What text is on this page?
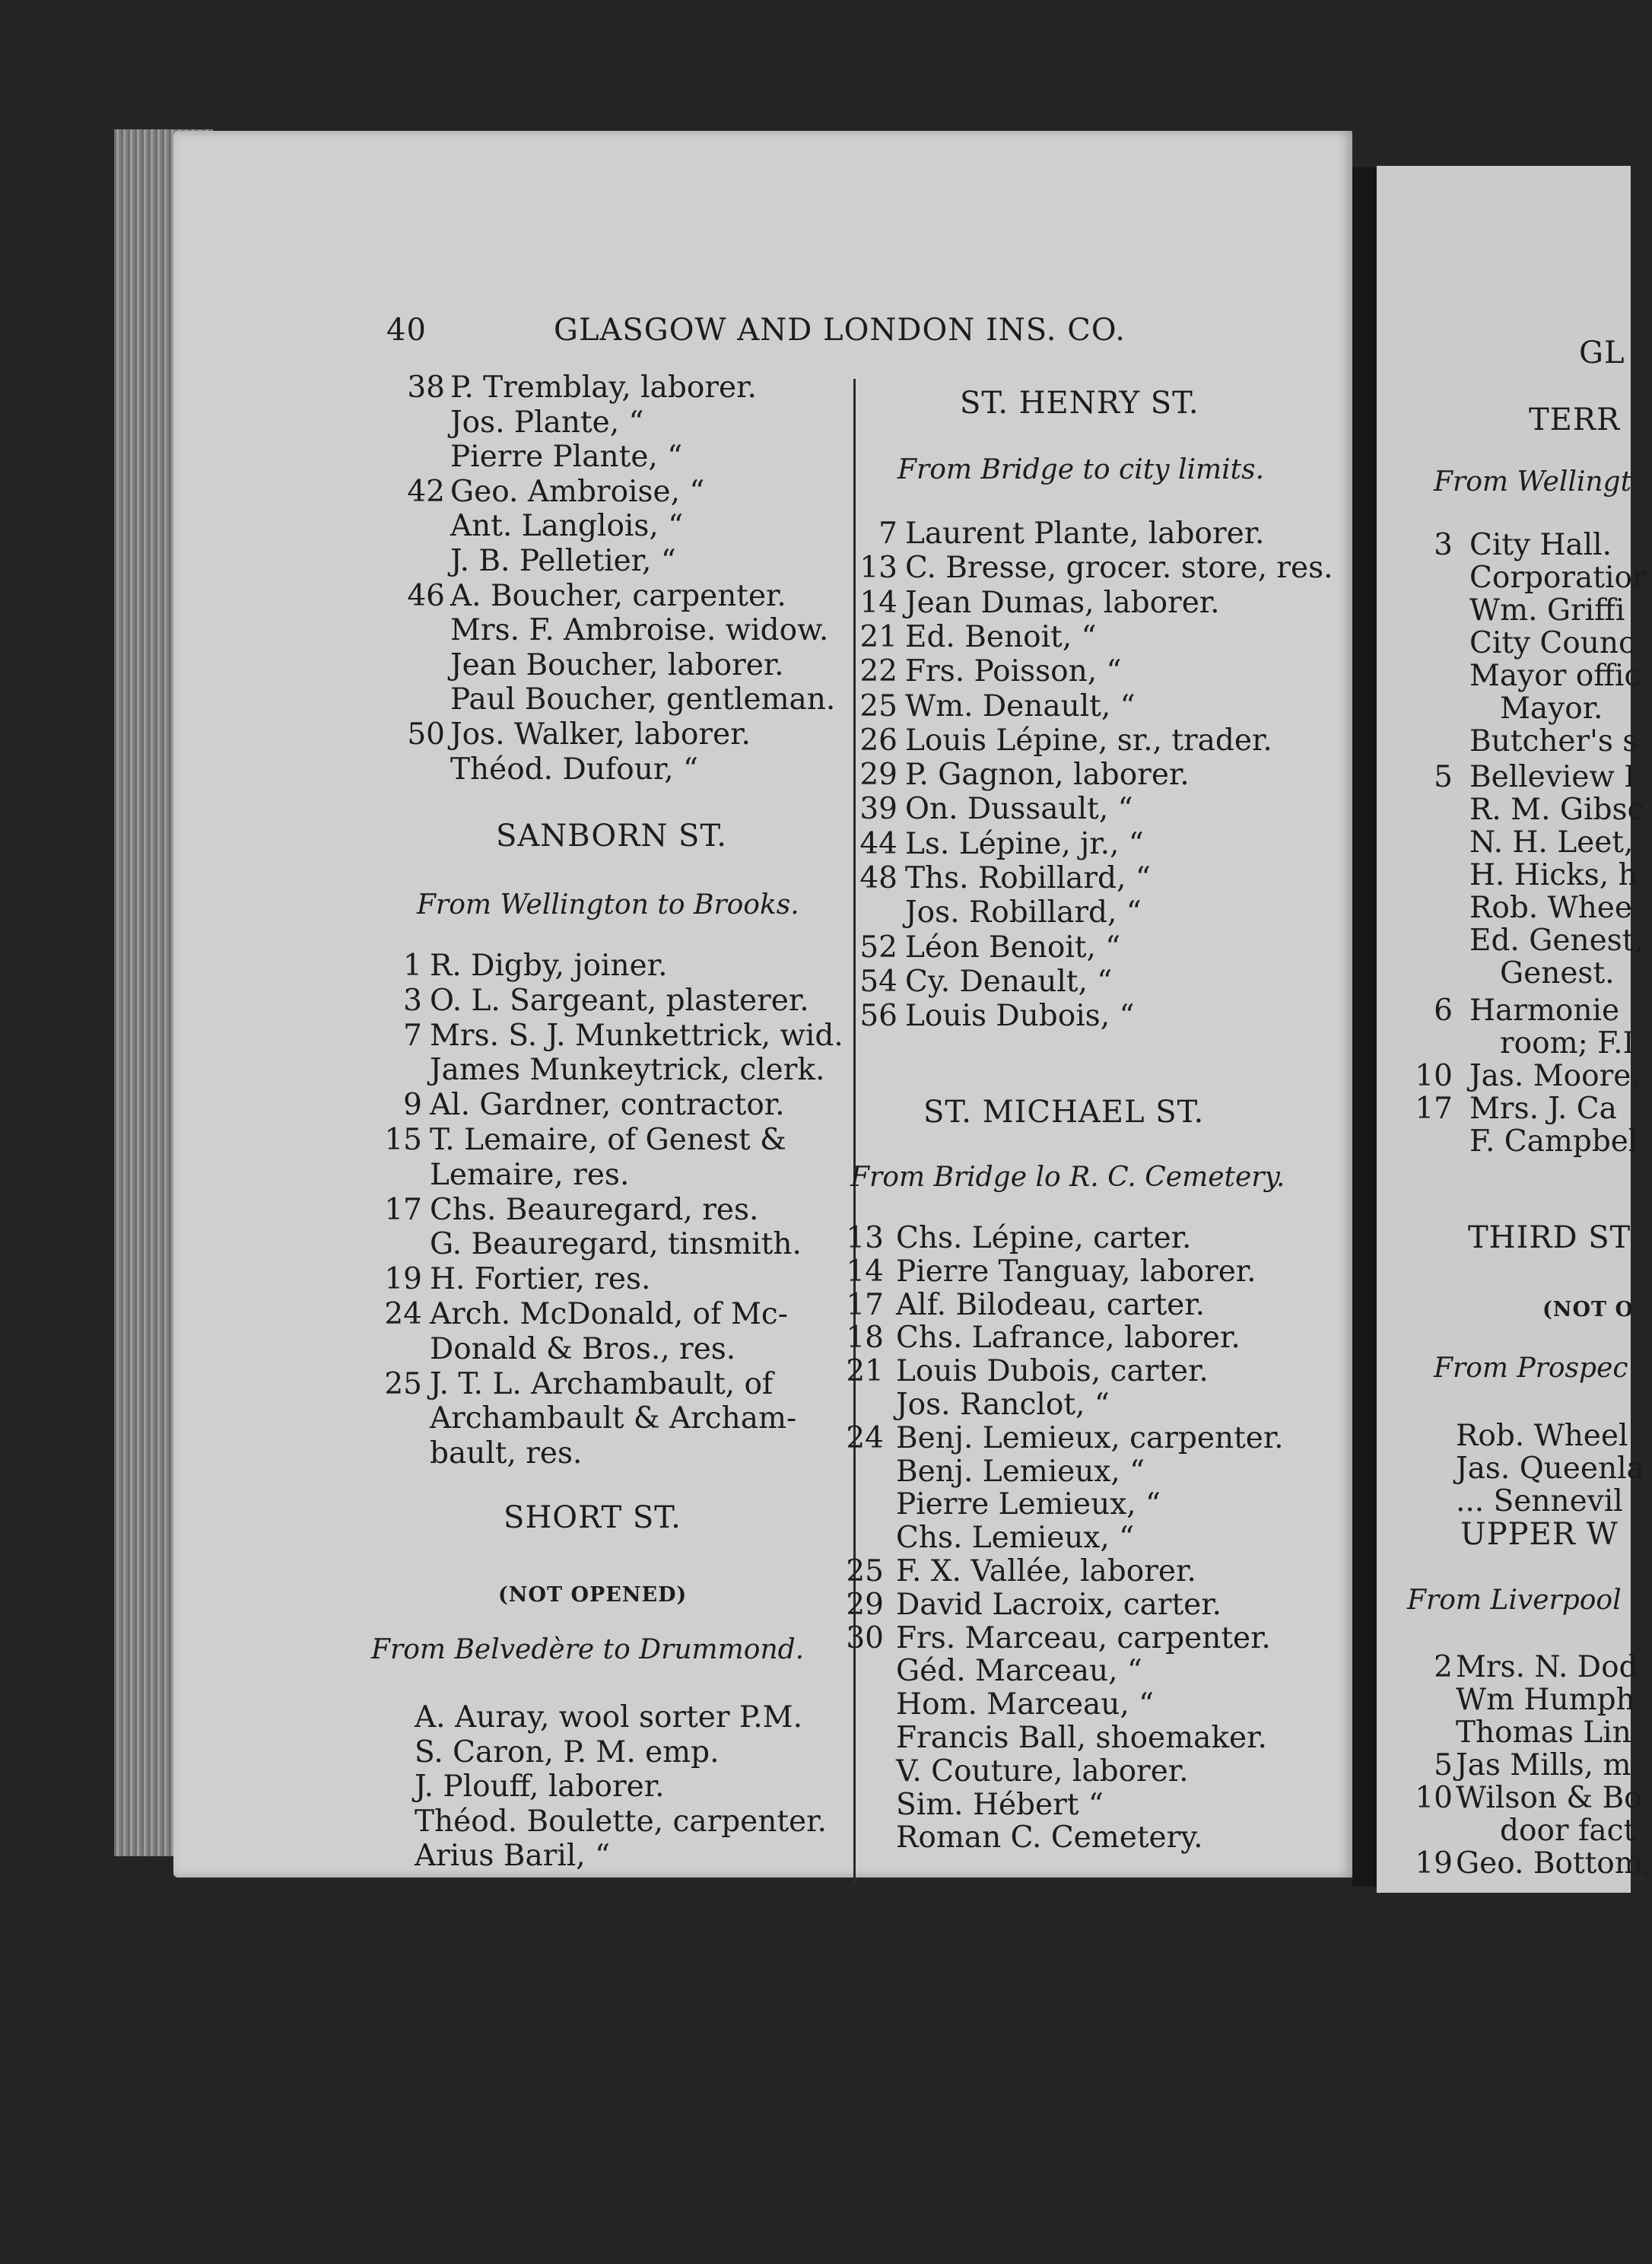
40	GLASGOW AND LONDON INS. CO.
GL
38 P. Tremblay, laborer.
Jos. Plante, “
Pierre Plante, “
42 Geo. Ambroise, “
Ant. Langlois, “
J. B. Pelletier, “
46 A. Boucher, carpenter.
Mrs. F. Ambroise. widow.
Jean Boucher, laborer.
Paul Boucher, gentleman.
50 Jos. Walker, laborer.
Théod. Dufour, “
SANBORN ST.
From Wellington to Brooks.
1 R. Digby, joiner.
3 O. L. Sargeant, plasterer.
7 Mrs. S. J. Munkettrick, wid.
James Munkeytrick, clerk.
9 Al. Gardner, contractor.
15 T. Lemaire, of Genest &
Lemaire, res.
17 Chs. Beauregard, res.
G. Beauregard, tinsmith.
19 H. Fortier, res.
24 Arch. McDonald, of Mc-
Donald & Bros., res.
25 J. T. L. Archambault, of
Archambault & Archam-
bault, res.
SHORT ST.
(NOT OPENED)
From Belvedère to Drummond.
A. Auray, wool sorter P.M.
S. Caron, P. M. emp.
J. Plouff, laborer.
Théod. Boulette, carpenter.
Arius Baril, “
ST. HENRY ST.
From Bridge to city limits.
7 Laurent Plante, laborer.
13 C. Bresse, grocer. store, res.
14 Jean Dumas, laborer.
21 Ed. Benoit, “
22 Frs. Poisson, “
25 Wm. Denault, “
26 Louis Lépine, sr., trader.
29 P. Gagnon, laborer.
39 On. Dussault, “
44 Ls. Lépine, jr., “
48 Ths. Robillard, “
Jos. Robillard, “
52 Léon Benoit, “
54 Cy. Denault, “
56 Louis Dubois, “
ST. MICHAEL ST.
From Bridge lo R. C. Cemetery.
13 Chs. Lépine, carter.
14 Pierre Tanguay, laborer.
17 Alf. Bilodeau, carter.
18 Chs. Lafrance, laborer.
21 Louis Dubois, carter.
Jos. Ranclot, “
24 Benj. Lemieux, carpenter.
Benj. Lemieux, “
Pierre Lemieux, “
Chs. Lemieux, “
25 F. X. Vallée, laborer.
29 David Lacroix, carter.
30 Frs. Marceau, carpenter.
Géd. Marceau, “
Hom. Marceau, “
Francis Ball, shoemaker.
V. Couture, laborer.
Sim. Hébert “
Roman C. Cemetery.
TERR
From Wellingt
3 City Hall.
Corporatior
Wm. Griffi
City Counc
Mayor offic
Mayor.
Butcher's s
5 Belleview I
R. M. Gibsc
N. H. Leet,
H. Hicks, h
Rob. Whee
Ed. Genest,
Genest.
6 Harmonie
room; F.I
10 Jas. Moore,
17 Mrs. J. Ca
F. Campbel
THIRD ST
(NOT O
From Prospec
Rob. Wheel
Jas. Queenla
... Sennevil
UPPER W
From Liverpool
2 Mrs. N. Dod
Wm Humph
Thomas Lin
5 Jas Mills, m
10 Wilson & Bo
door fact
19 Geo. Bottom,
